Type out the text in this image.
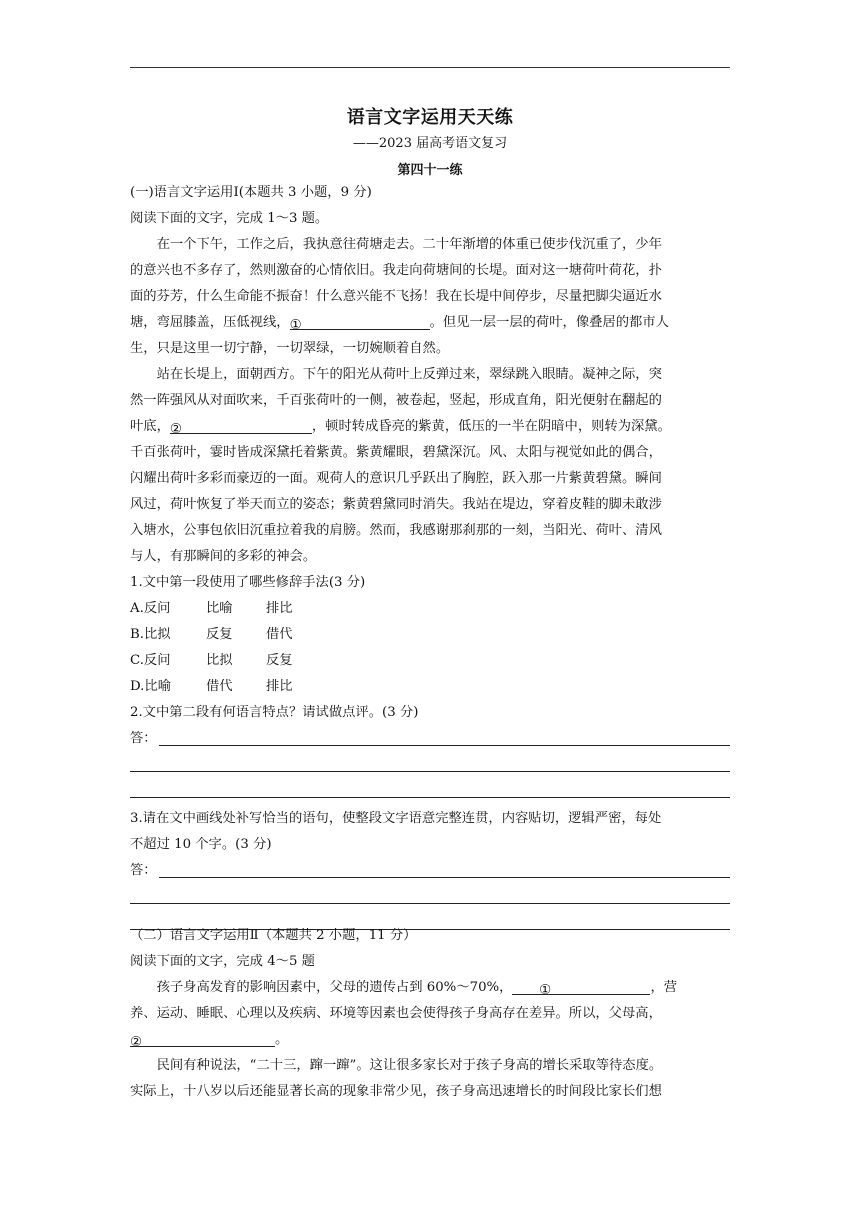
语言文字运用天天练
——2023 届高考语文复习
第四十一练

(一)语言文字运用Ⅰ(本题共 3 小题，9 分)

阅读下面的文字，完成 1～3 题。

在一个下午，工作之后，我执意往荷塘走去。二十年渐增的体重已使步伐沉重了，少年

的意兴也不多存了，然则激奋的心情依旧。我走向荷塘间的长堤。面对这一塘荷叶荷花，扑

面的芬芳，什么生命能不振奋！什么意兴能不飞扬！我在长堤中间停步，尽量把脚尖逼近水

塘，弯屈膝盖，压低视线，①	。但见一层一层的荷叶，像叠居的都市人

生，只是这里一切宁静，一切翠绿，一切婉顺着自然。

站在长堤上，面朝西方。下午的阳光从荷叶上反弹过来，翠绿跳入眼睛。凝神之际，突

然一阵强风从对面吹来，千百张荷叶的一侧，被卷起，竖起，形成直角，阳光便射在翻起的

叶底，②	，顿时转成昏亮的紫黄，低压的一半在阴暗中，则转为深黛。

千百张荷叶，霎时皆成深黛托着紫黄。紫黄耀眼，碧黛深沉。风、太阳与视觉如此的偶合，

闪耀出荷叶多彩而豪迈的一面。观荷人的意识几乎跃出了胸腔，跃入那一片紫黄碧黛。瞬间

风过，荷叶恢复了举天而立的姿态；紫黄碧黛同时消失。我站在堤边，穿着皮鞋的脚未敢涉

入塘水，公事包依旧沉重拉着我的肩膀。然而，我感谢那刹那的一刻，当阳光、荷叶、清风

与人，有那瞬间的多彩的神会。

1.文中第一段使用了哪些修辞手法(3 分)

A.反问	比喻	排比
B.比拟	反复	借代
C.反问	比拟	反复
D.比喻	借代	排比

2.文中第二段有何语言特点？请试做点评。(3 分)

答：

3.请在文中画线处补写恰当的语句，使整段文字语意完整连贯，内容贴切，逻辑严密，每处

不超过 10 个字。(3 分)

答：

（二）语言文字运用Ⅱ（本题共 2 小题，11 分）

阅读下面的文字，完成 4～5 题

孩子身高发育的影响因素中，父母的遗传占到 60%～70%， ①	，营

养、运动、睡眠、心理以及疾病、环境等因素也会使得孩子身高存在差异。所以，父母高，

②	。

民间有种说法，“二十三，蹿一蹿”。这让很多家长对于孩子身高的增长采取等待态度。

实际上，十八岁以后还能显著长高的现象非常少见，孩子身高迅速增长的时间段比家长们想
